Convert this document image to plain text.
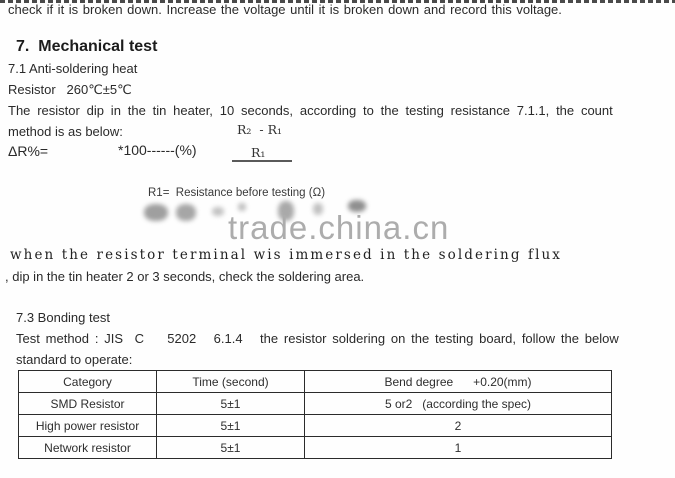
check if it is broken down. Increase the voltage until it is broken down and record this voltage.
7.  Mechanical test
7.1 Anti-soldering heat
Resistor   260℃±5℃
The resistor dip in the tin heater, 10 seconds, according to the testing resistance 7.1.1, the count
method is as below:	R₂  - R₁
ΔR%=	*100------(%)	R₁
R1=  Resistance before testing (Ω)
trade.china.cn
when the resistor terminal wis immersed in the soldering flux
, dip in the tin heater 2 or 3 seconds, check the soldering area.
7.3 Bonding test
Test method : JIS  C    5202   6.1.4   the resistor soldering on the testing board, follow the below
standard to operate:
Category	Time (second)	Bend degree      +0.20(mm)
SMD Resistor	5±1	5 or2   (according the spec)
High power resistor	5±1	2
Network resistor	5±1	1
